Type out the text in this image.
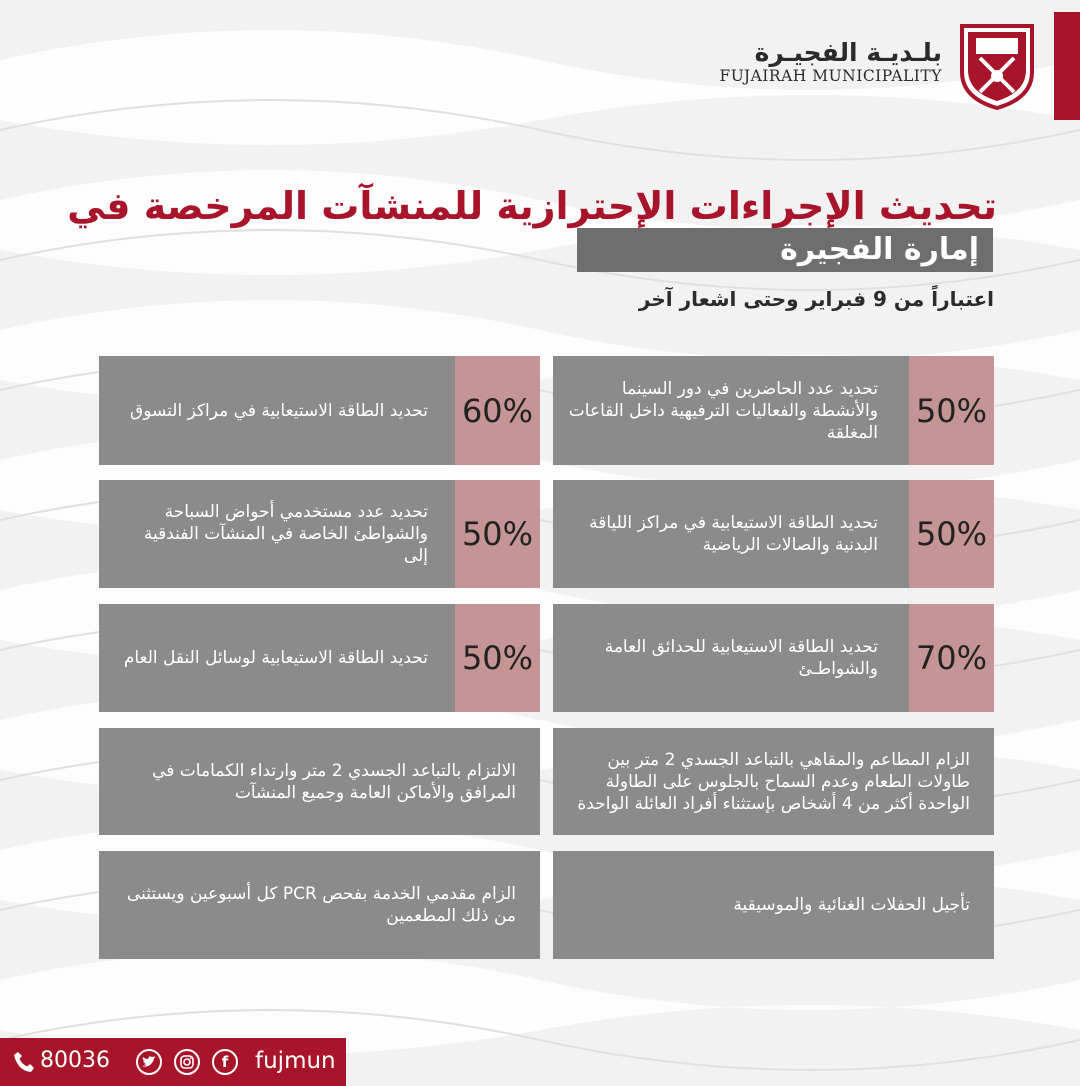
بلـديـة الفجيـرة
FUJAIRAH MUNICIPALITY
تحديث الإجراءات الإحترازية للمنشآت المرخصة في
إمارة الفجيرة
اعتباراً من 9 فبراير وحتى اشعار آخر
50%
تحديد عدد الحاضرين في دور السينما والأنشطة والفعاليات الترفيهية داخل القاعات المغلقة
60%
تحديد الطاقة الاستيعابية في مراكز التسوق
50%
تحديد الطاقة الاستيعابية في مراكز اللياقة البدنية والصالات الرياضية
50%
تحديد عدد مستخدمي أحواض السباحة والشواطئ الخاصة في المنشآت الفندقية إلى
70%
تحديد الطاقة الاستيعابية للحدائق العامة والشواطـئ
50%
تحديد الطاقة الاستيعابية لوسائل النقل العام
الزام المطاعم والمقاهي بالتباعد الجسدي 2 متر بين طاولات الطعام وعدم السماح بالجلوس على الطاولة الواحدة أكثر من 4 أشخاص بإستثناء أفراد العائلة الواحدة
الالتزام بالتباعد الجسدي 2 متر وارتداء الكمامات في المرافق والأماكن العامة وجميع المنشآت
تأجيل الحفلات الغنائية والموسيقية
الزام مقدمي الخدمة بفحص PCR كل أسبوعين ويستثنى من ذلك المطعمين
80036	f	fujmun
